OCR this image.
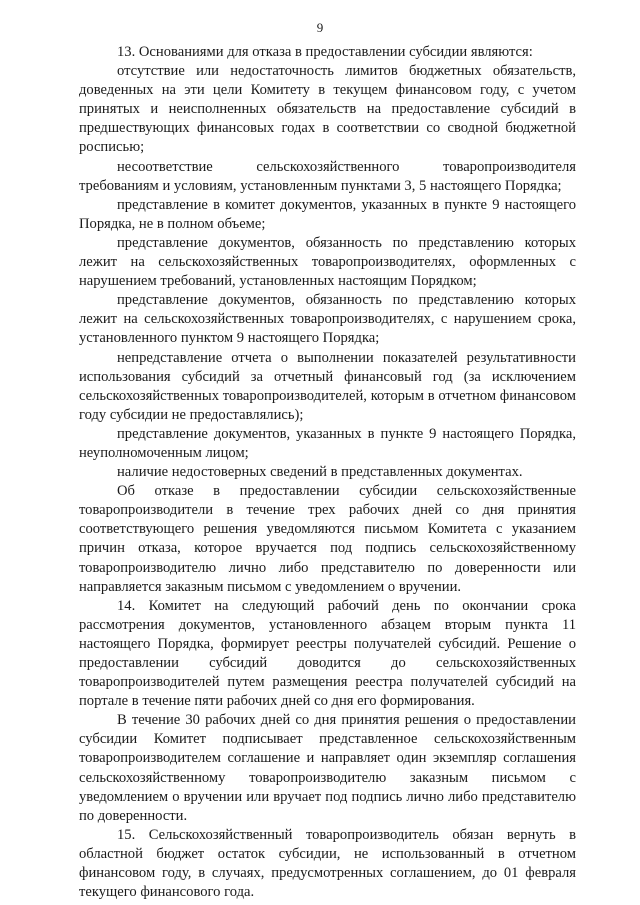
9

13. Основаниями для отказа в предоставлении субсидии являются:

отсутствие или недостаточность лимитов бюджетных обязательств, доведенных на эти цели Комитету в текущем финансовом году, с учетом принятых и неисполненных обязательств на предоставление субсидий в предшествующих финансовых годах в соответствии со сводной бюджетной росписью;

несоответствие сельскохозяйственного товаропроизводителя требованиям и условиям, установленным пунктами 3, 5 настоящего Порядка;

представление в комитет документов, указанных в пункте 9 настоящего Порядка, не в полном объеме;

представление документов, обязанность по представлению которых лежит на сельскохозяйственных товаропроизводителях, оформленных с нарушением требований, установленных настоящим Порядком;

представление документов, обязанность по представлению которых лежит на сельскохозяйственных товаропроизводителях, с нарушением срока, установленного пунктом 9 настоящего Порядка;

непредставление отчета о выполнении показателей результативности использования субсидий за отчетный финансовый год (за исключением сельскохозяйственных товаропроизводителей, которым в отчетном финансовом году субсидии не предоставлялись);

представление документов, указанных в пункте 9 настоящего Порядка, неуполномоченным лицом;

наличие недостоверных сведений в представленных документах.

Об отказе в предоставлении субсидии сельскохозяйственные товаропроизводители в течение трех рабочих дней со дня принятия соответствующего решения уведомляются письмом Комитета с указанием причин отказа, которое вручается под подпись сельскохозяйственному товаропроизводителю лично либо представителю по доверенности или направляется заказным письмом с уведомлением о вручении.

14. Комитет на следующий рабочий день по окончании срока рассмотрения документов, установленного абзацем вторым пункта 11 настоящего Порядка, формирует реестры получателей субсидий. Решение о предоставлении субсидий доводится до сельскохозяйственных товаропроизводителей путем размещения реестра получателей субсидий на портале в течение пяти рабочих дней со дня его формирования.

В течение 30 рабочих дней со дня принятия решения о предоставлении субсидии Комитет подписывает представленное сельскохозяйственным товаропроизводителем соглашение и направляет один экземпляр соглашения сельскохозяйственному товаропроизводителю заказным письмом с уведомлением о вручении или вручает под подпись лично либо представителю по доверенности.

15. Сельскохозяйственный товаропроизводитель обязан вернуть в областной бюджет остаток субсидии, не использованный в отчетном финансовом году, в случаях, предусмотренных соглашением, до 01 февраля текущего финансового года.
